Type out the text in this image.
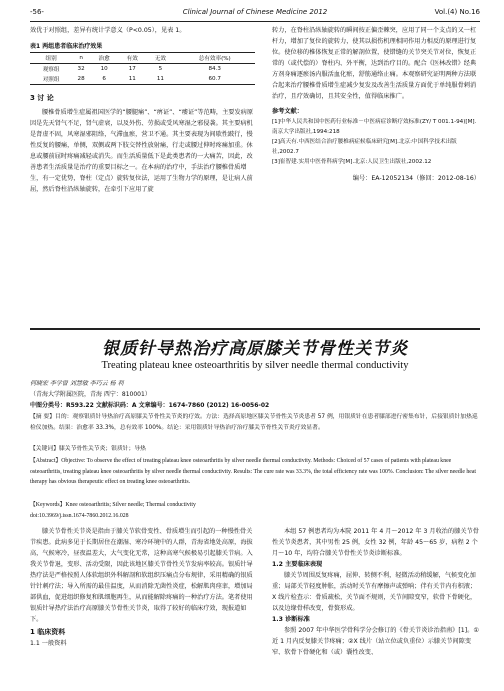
-56-	Clinical Journal of Chinese Medicine 2012	Vol.(4) No.16
效优于对照组，差异有统计学意义（P<0.05），见表 1。
表1 两组患者临床治疗效果
组别	n	治愈	有效	无效	总有效率(%)
观察组	32	10	17	5	84.3
对照组	28	6	11	11	60.7
3 讨 论
腰椎骨质增生症属祖国医学的“腰腿痛”、“痹证”、“痿证”等范畴，主要发病原因是先天肾气不足，肾气虚衰，以及外伤、劳损或受风寒湿之邪侵袭。其主要病机是肾虚不固，风寒湿邪阻络，气滞血瘀，营卫不通。其主要表现为间歇性跛行，慢性反复的腰痛，单侧，双侧或两下肢交替性放射痛，行走或腰过伸时疼痛加重。休息或腰前屈时疼痛减轻或消失。而生活质量低下是此类患者的一大痛苦，因此，改善患者生活质量是治疗的重要目标之一。在本病的治疗中，手法治疗腰椎骨质增生，有一定优势，脊柱（定点）旋转复位法，运用了生物力学的原理，是让病人前屈，然后脊柱沿纵轴旋转，在牵引下应用了旋
转力，在脊柱沿纵轴旋转的瞬间按正偏歪棘突，应用了同一个支点的又一杠杆力，增加了复位的旋转力，使其以损伤机理相同作用力相反的原理进行复位。使位移的椎体恢复正常的解剖位置，使错缝的关节突关节对位，恢复正常的（或代偿的）脊柱内、外平衡，达到治疗目的。配合《医林改错》经典方剂身痛逐瘀汤内服活血化瘀，舒筋通络止痛。本观察研究证明两种方法联合起来治疗腰椎骨质增生症减少复发及改善生活质量方面优于单纯服骨刺消治疗，且疗效确切，且其安全性，值得临床推广。
参考文献：
[1]中华人民共和国中医药行业标准－中医病症诊断疗效标准(ZY/ T 001.1-94)[M].南京大学出版社,1994:218
[2]高天有.中西医结合治疗腰椎病症候临床研究[M].北京:中国科学技术出版社,2002.7
[3]崔智建.实用中医骨科病学[M].北京:人民卫生出版社,2002.12
编号：EA-12052134（修回：2012-08-16）
银质针导热治疗高原膝关节骨性关节炎
Treating plateau knee osteoarthritis by silver needle thermal conductivity
何晓宏 李学曾 刘慧敏 李巧云 杨 利
（青海大学附属医院，青海 西宁：810001）
中图分类号：R593.22 文献标识码：A 文章编号：1674-7860 (2012) 16-0056-02
【摘 要】目的：观察银质针导热治疗高原膝关节骨性关节炎的疗效。方法：选择高原地区膝关节骨性关节炎患者 57 例，用银质针在患者膝部进行密集布针，后接银质针加热巡检仪加热。结果：治愈率 33.3%，总有效率 100%。结论：采用银质针导热治疗治疗膝关节骨性关节炎疗效显著。
【关键词】膝关节骨性关节炎；银质针；导热
【Abstract】Objective: To observe the effect of treating plateau knee osteoarthritis by silver needle thermal conductivity. Methods: Choiced of 57 cases of patients with plateau knee osteoarthritis, treating plateau knee osteoarthritis by silver needle thermal conductivity. Results: The cure rate was 33.3%, the total efficiency rate was 100%. Conclusion: The silver needle heat therapy has obvious therapeutic effect on treating knee osteoarthritis.
【Keywords】Knee osteoarthritis; Silver needle; Thermal conductivity
doi:10.3969/j.issn.1674-7860.2012.16.028
膝关节骨性关节炎是指由于膝关节软骨变性、骨质增生而引起的一种慢性骨关节疾患。此病多见于长期居住在潮湿、寒冷环境中的人群，青海省地处高原，海拔高，气候寒冷，昼夜温差大，大气变化无常，这种高寒气候极易引起膝关节病。入我关节骨退，变形、活动受限，因此该地区膝关节骨性关节发病率较高。银质针导热疗法是严格按照人体软组织外科解剖和软组织压痛点分布规律，采用精确的银质针针刺疗法；导入所需的最佳温度，从而消除无菌性炎症，松解肌肉痉挛，增加局部供血，促进组织修复和肌细胞再生，从而能解除疼痛的一种治疗方法。笔者使用银质针导热疗法治疗高原膝关节骨性关节炎，取得了较好的临床疗效，现报道如下。
1 临床资料
1.1 一般资料
本组 57 例患者均为本院 2011 年 4 月～2012 年 3 月收治的膝关节骨性关节炎患者，其中男性 25 例，女性 32 例，年龄 45～65 岁，病程 2 个月～10 年，均符合膝关节骨性关节炎诊断标准。
1.2 主要临床表现
膝关节周围反复疼痛，屈伸、转侧不利，轻微活动稍缓解，气候变化加重；局部关节轻度肿胀，活动时关节有摩擦声或弹响；伴有关节内有积液；X 线片检查示：骨质疏松，关节面不规则，关节间隙变窄，软骨下骨硬化，以及边缘骨样改变，骨赘形成。
1.3 诊断标准
参照 2007 年中华医学骨科学分会修订的《骨关节炎诊治指南》[1]。①近 1 月内反复膝关节疼痛；②X 线片（站立位或负重位）示膝关节间隙变窄、软骨下骨硬化和（或）囊性改变、
